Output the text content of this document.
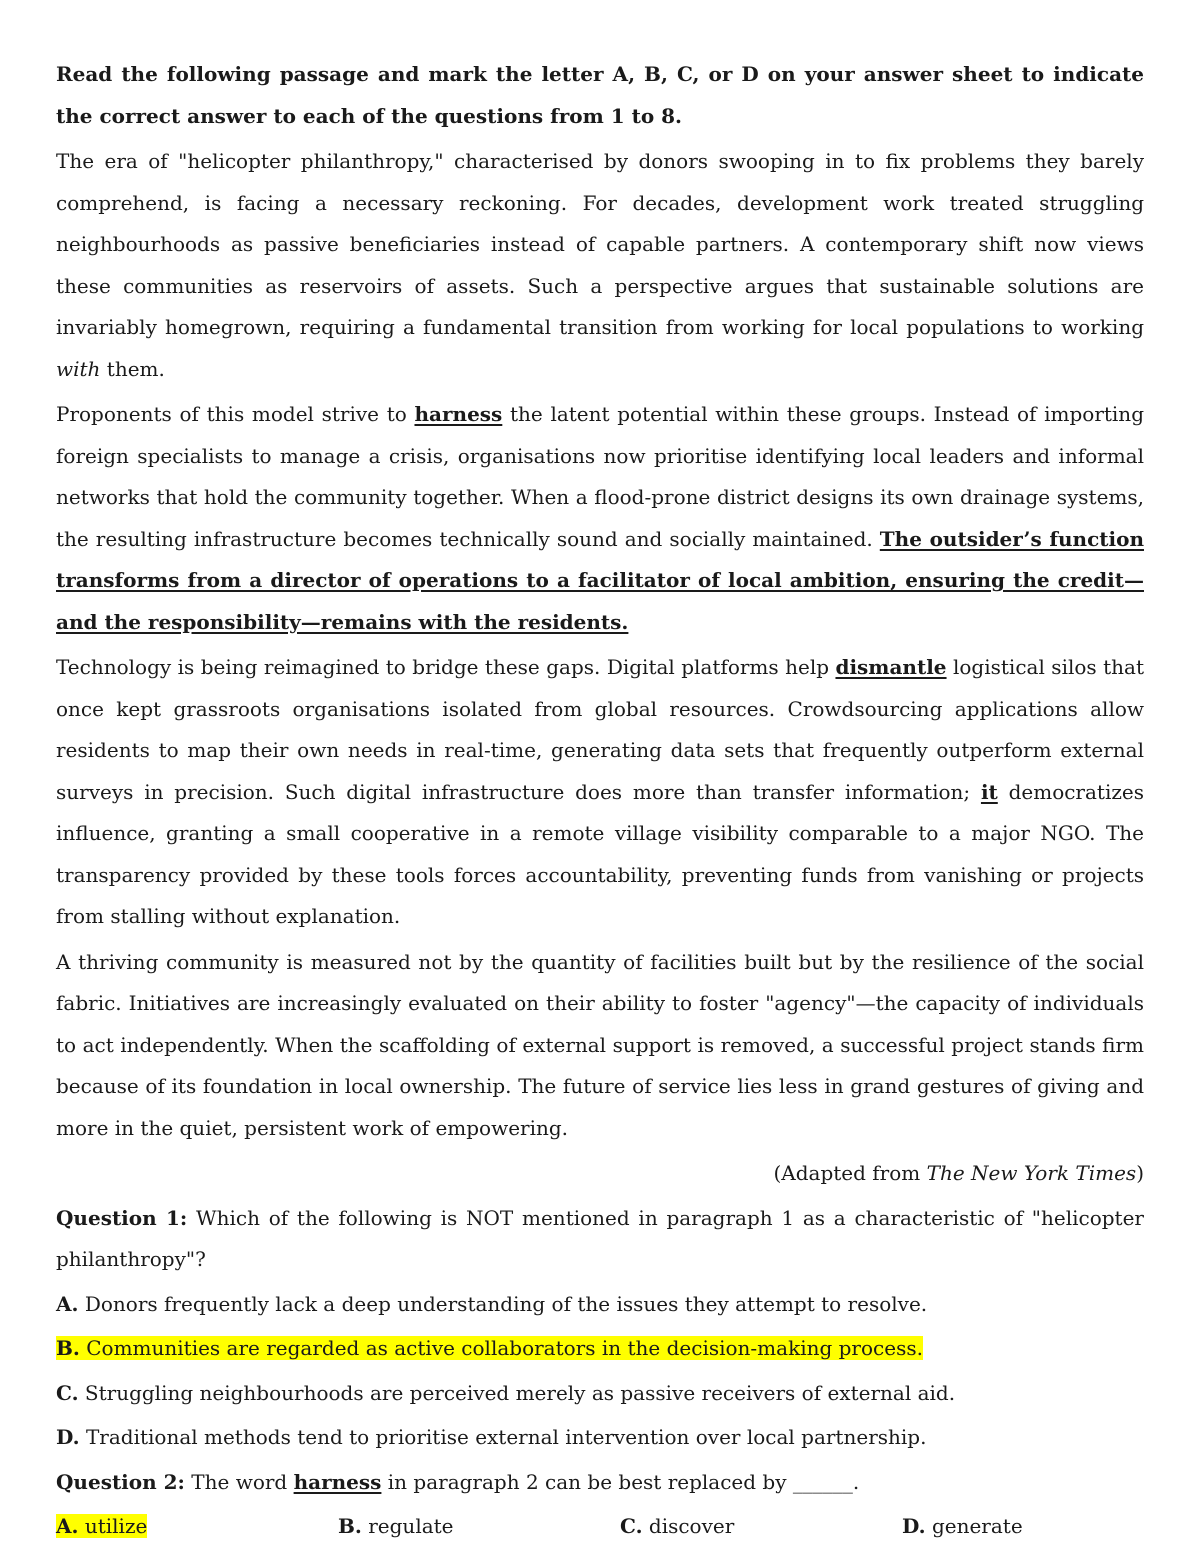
Read the following passage and mark the letter A, B, C, or D on your answer sheet to indicate the correct answer to each of the questions from 1 to 8.

The era of "helicopter philanthropy," characterised by donors swooping in to fix problems they barely comprehend, is facing a necessary reckoning. For decades, development work treated struggling neighbourhoods as passive beneficiaries instead of capable partners. A contemporary shift now views these communities as reservoirs of assets. Such a perspective argues that sustainable solutions are invariably homegrown, requiring a fundamental transition from working for local populations to working with them.

Proponents of this model strive to harness the latent potential within these groups. Instead of importing foreign specialists to manage a crisis, organisations now prioritise identifying local leaders and informal networks that hold the community together. When a flood-prone district designs its own drainage systems, the resulting infrastructure becomes technically sound and socially maintained. The outsider’s function transforms from a director of operations to a facilitator of local ambition, ensuring the credit—and the responsibility—remains with the residents.

Technology is being reimagined to bridge these gaps. Digital platforms help dismantle logistical silos that once kept grassroots organisations isolated from global resources. Crowdsourcing applications allow residents to map their own needs in real-time, generating data sets that frequently outperform external surveys in precision. Such digital infrastructure does more than transfer information; it democratizes influence, granting a small cooperative in a remote village visibility comparable to a major NGO. The transparency provided by these tools forces accountability, preventing funds from vanishing or projects from stalling without explanation.

A thriving community is measured not by the quantity of facilities built but by the resilience of the social fabric. Initiatives are increasingly evaluated on their ability to foster "agency"—the capacity of individuals to act independently. When the scaffolding of external support is removed, a successful project stands firm because of its foundation in local ownership. The future of service lies less in grand gestures of giving and more in the quiet, persistent work of empowering.

(Adapted from The New York Times)

Question 1: Which of the following is NOT mentioned in paragraph 1 as a characteristic of "helicopter philanthropy"?

A. Donors frequently lack a deep understanding of the issues they attempt to resolve.

B. Communities are regarded as active collaborators in the decision-making process.

C. Struggling neighbourhoods are perceived merely as passive receivers of external aid.

D. Traditional methods tend to prioritise external intervention over local partnership.

Question 2: The word harness in paragraph 2 can be best replaced by ______.

A. utilize	B. regulate	C. discover	D. generate
